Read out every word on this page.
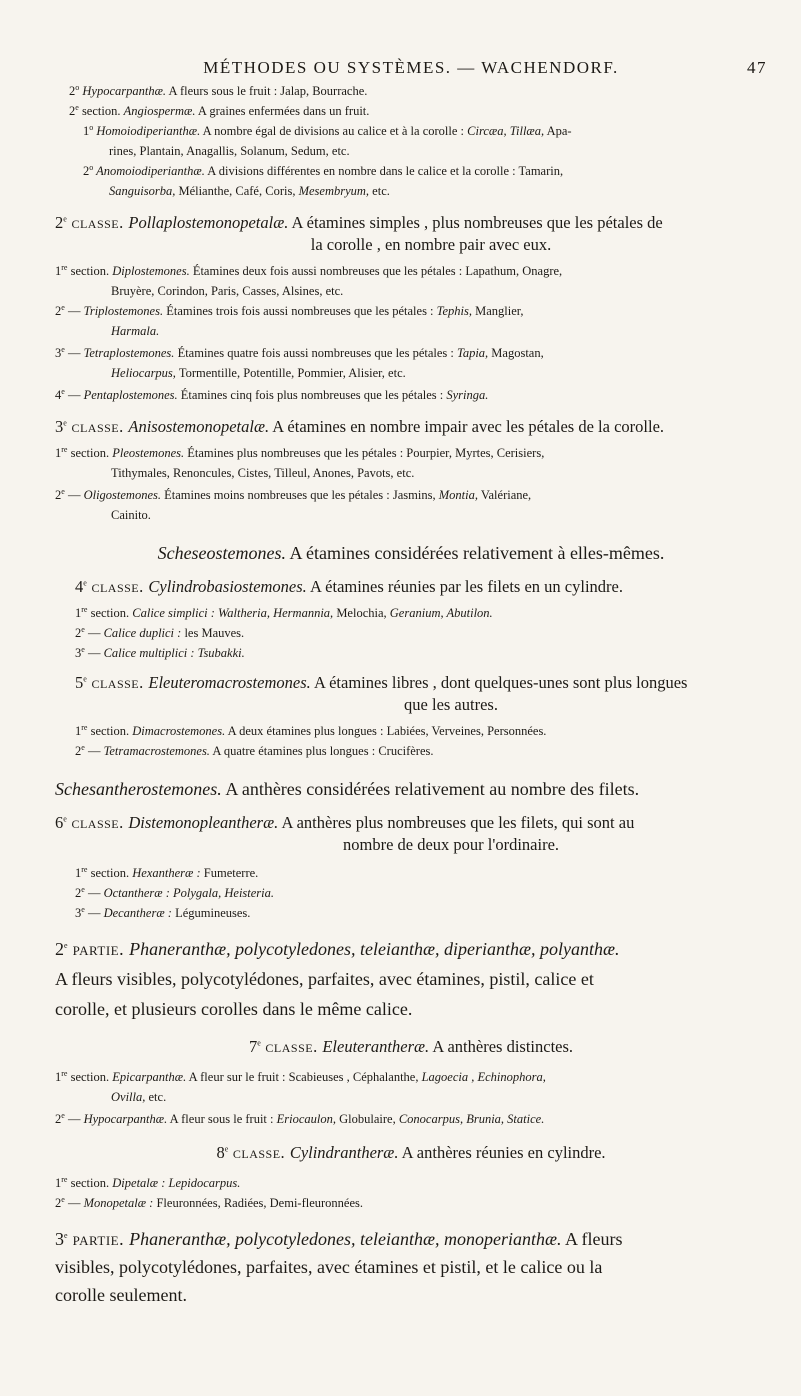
MÉTHODES OU SYSTÈMES. — WACHENDORF.	47
2$^o$ Hypocarpanthæ. A fleurs sous le fruit : Jalap, Bourrache.
2e section. Angiospermæ. A graines enfermées dans un fruit.
1$^o$ Homoiodiperianthæ. A nombre égal de divisions au calice et à la corolle : Circæa, Tillæa, Apa-
rines, Plantain, Anagallis, Solanum, Sedum, etc.
2$^o$ Anomoiodiperianthæ. A divisions différentes en nombre dans le calice et la corolle : Tamarin,
Sanguisorba, Mélianthe, Café, Coris, Mesembryum, etc.
2e classe. Pollaplostemonopetalæ. A étamines simples , plus nombreuses que les pétales de
la corolle , en nombre pair avec eux.
1re section. Diplostemones. Étamines deux fois aussi nombreuses que les pétales : Lapathum, Onagre,
Bruyère, Corindon, Paris, Casses, Alsines, etc.
2e — Triplostemones. Étamines trois fois aussi nombreuses que les pétales : Tephis, Manglier,
Harmala.
3e — Tetraplostemones. Étamines quatre fois aussi nombreuses que les pétales : Tapia, Magostan,
Heliocarpus, Tormentille, Potentille, Pommier, Alisier, etc.
4e — Pentaplostemones. Étamines cinq fois plus nombreuses que les pétales : Syringa.
3e classe. Anisostemonopetalæ. A étamines en nombre impair avec les pétales de la corolle.
1re section. Pleostemones. Étamines plus nombreuses que les pétales : Pourpier, Myrtes, Cerisiers,
Tithymales, Renoncules, Cistes, Tilleul, Anones, Pavots, etc.
2e — Oligostemones. Étamines moins nombreuses que les pétales : Jasmins, Montia, Valériane,
Cainito.
Scheseostemones. A étamines considérées relativement à elles-mêmes.
4e classe. Cylindrobasiostemones. A étamines réunies par les filets en un cylindre.
1re section. Calice simplici : Waltheria, Hermannia, Melochia, Geranium, Abutilon.
2e — Calice duplici : les Mauves.
3e — Calice multiplici : Tsubakki.
5e classe. Eleuteromacrostemones. A étamines libres , dont quelques-unes sont plus longues
que les autres.
1re section. Dimacrostemones. A deux étamines plus longues : Labiées, Verveines, Personnées.
2e — Tetramacrostemones. A quatre étamines plus longues : Crucifères.
Schesantherostemones. A anthères considérées relativement au nombre des filets.
6e classe. Distemonopleantheræ. A anthères plus nombreuses que les filets, qui sont au
nombre de deux pour l'ordinaire.
1re section. Hexantheræ : Fumeterre.
2e — Octantheræ : Polygala, Heisteria.
3e — Decantheræ : Légumineuses.
2e partie. Phaneranthæ, polycotyledones, teleianthæ, diperianthæ, polyanthæ.
A fleurs visibles, polycotylédones, parfaites, avec étamines, pistil, calice et
corolle, et plusieurs corolles dans le même calice.
7e classe. Eleuterantheræ. A anthères distinctes.
1re section. Epicarpanthæ. A fleur sur le fruit : Scabieuses , Céphalanthe, Lagoecia , Echinophora,
Ovilla, etc.
2e — Hypocarpanthæ. A fleur sous le fruit : Eriocaulon, Globulaire, Conocarpus, Brunia, Statice.
8e classe. Cylindrantheræ. A anthères réunies en cylindre.
1re section. Dipetalæ : Lepidocarpus.
2e — Monopetalæ : Fleuronnées, Radiées, Demi-fleuronnées.
3e partie. Phaneranthæ, polycotyledones, teleianthæ, monoperianthæ. A fleurs
visibles, polycotylédones, parfaites, avec étamines et pistil, et le calice ou la
corolle seulement.
